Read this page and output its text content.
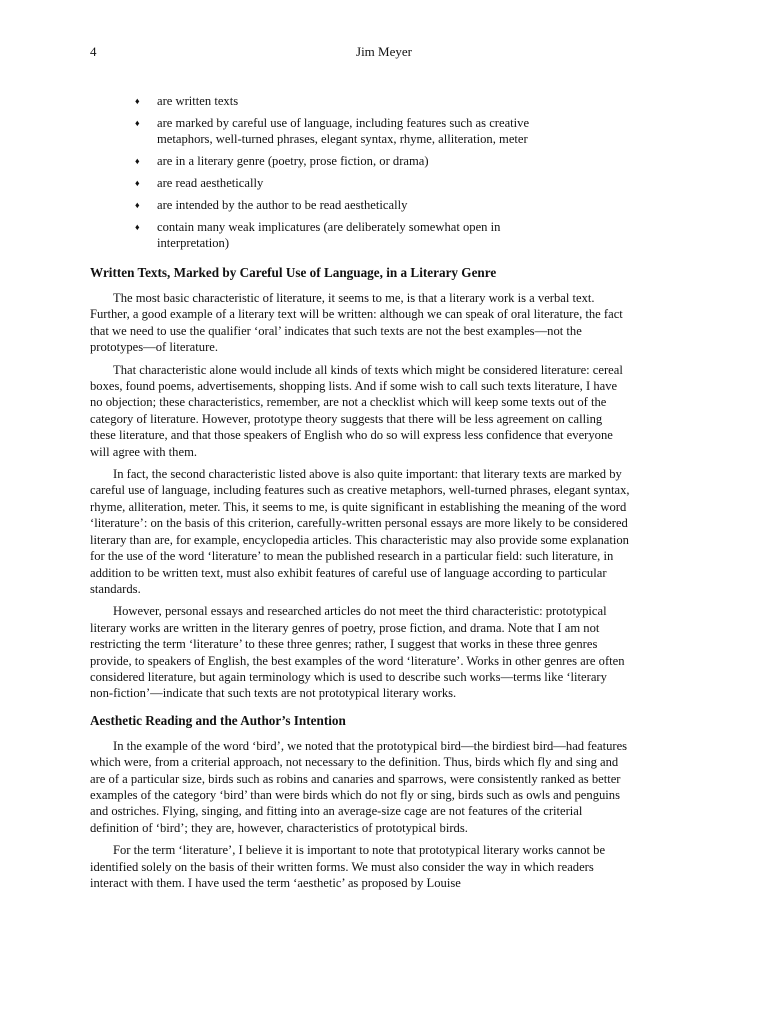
4	Jim Meyer
♦ are written texts
♦ are marked by careful use of language, including features such as creative metaphors, well-turned phrases, elegant syntax, rhyme, alliteration, meter
♦ are in a literary genre (poetry, prose fiction, or drama)
♦ are read aesthetically
♦ are intended by the author to be read aesthetically
♦ contain many weak implicatures (are deliberately somewhat open in interpretation)
Written Texts, Marked by Careful Use of Language, in a Literary Genre

The most basic characteristic of literature, it seems to me, is that a literary work is a verbal text. Further, a good example of a literary text will be written: although we can speak of oral literature, the fact that we need to use the qualifier ‘oral’ indicates that such texts are not the best examples—not the prototypes—of literature.

That characteristic alone would include all kinds of texts which might be considered literature: cereal boxes, found poems, advertisements, shopping lists. And if some wish to call such texts literature, I have no objection; these characteristics, remember, are not a checklist which will keep some texts out of the category of literature. However, prototype theory suggests that there will be less agreement on calling these literature, and that those speakers of English who do so will express less confidence that everyone will agree with them.

In fact, the second characteristic listed above is also quite important: that literary texts are marked by careful use of language, including features such as creative metaphors, well-turned phrases, elegant syntax, rhyme, alliteration, meter. This, it seems to me, is quite significant in establishing the meaning of the word ‘literature’: on the basis of this criterion, carefully-written personal essays are more likely to be considered literary than are, for example, encyclopedia articles. This characteristic may also provide some explanation for the use of the word ‘literature’ to mean the published research in a particular field: such literature, in addition to be written text, must also exhibit features of careful use of language according to particular standards.

However, personal essays and researched articles do not meet the third characteristic: prototypical literary works are written in the literary genres of poetry, prose fiction, and drama. Note that I am not restricting the term ‘literature’ to these three genres; rather, I suggest that works in these three genres provide, to speakers of English, the best examples of the word ‘literature’. Works in other genres are often considered literature, but again terminology which is used to describe such works—terms like ‘literary non-fiction’—indicate that such texts are not prototypical literary works.

Aesthetic Reading and the Author’s Intention

In the example of the word ‘bird’, we noted that the prototypical bird—the birdiest bird—had features which were, from a criterial approach, not necessary to the definition. Thus, birds which fly and sing and are of a particular size, birds such as robins and canaries and sparrows, were consistently ranked as better examples of the category ‘bird’ than were birds which do not fly or sing, birds such as owls and penguins and ostriches. Flying, singing, and fitting into an average-size cage are not features of the criterial definition of ‘bird’; they are, however, characteristics of prototypical birds.

For the term ‘literature’, I believe it is important to note that prototypical literary works cannot be identified solely on the basis of their written forms. We must also consider the way in which readers interact with them. I have used the term ‘aesthetic’ as proposed by Louise
